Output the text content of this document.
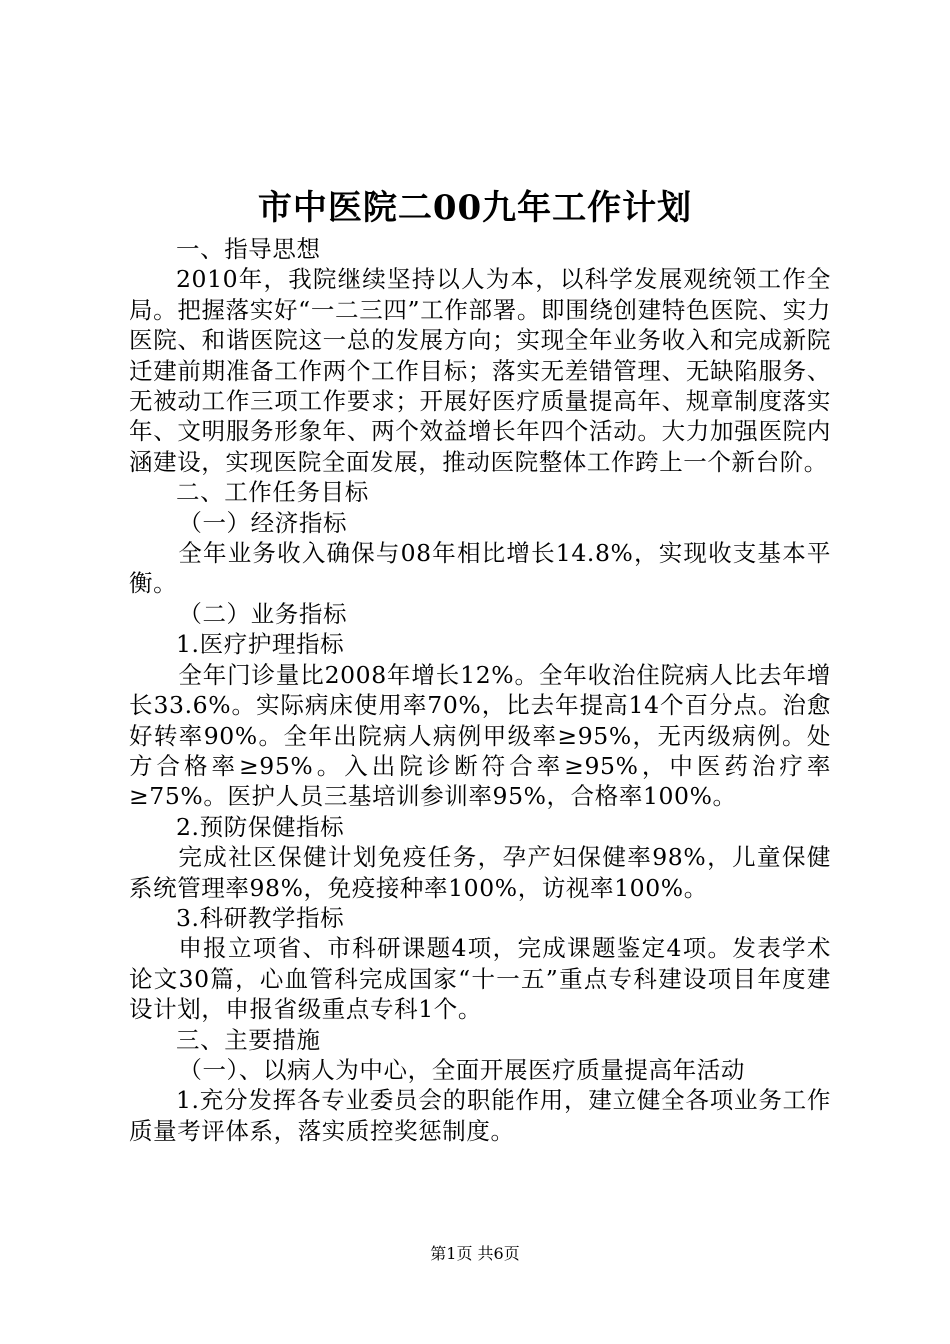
市中医院二00九年工作计划

一、指导思想

2010年，我院继续坚持以人为本，以科学发展观统领工作全局。把握落实好“一二三四”工作部署。即围绕创建特色医院、实力医院、和谐医院这一总的发展方向；实现全年业务收入和完成新院迁建前期准备工作两个工作目标；落实无差错管理、无缺陷服务、无被动工作三项工作要求；开展好医疗质量提高年、规章制度落实年、文明服务形象年、两个效益增长年四个活动。大力加强医院内涵建设，实现医院全面发展，推动医院整体工作跨上一个新台阶。

二、工作任务目标

（一）经济指标

全年业务收入确保与08年相比增长14.8%，实现收支基本平衡。

（二）业务指标

1.医疗护理指标

全年门诊量比2008年增长12%。全年收治住院病人比去年增长33.6%。实际病床使用率70%，比去年提高14个百分点。治愈好转率90%。全年出院病人病例甲级率≥95%，无丙级病例。处方合格率≥95%。入出院诊断符合率≥95%，中医药治疗率≥75%。医护人员三基培训参训率95%，合格率100%。

2.预防保健指标

完成社区保健计划免疫任务，孕产妇保健率98%，儿童保健系统管理率98%，免疫接种率100%，访视率100%。

3.科研教学指标

申报立项省、市科研课题4项，完成课题鉴定4项。发表学术论文30篇，心血管科完成国家“十一五”重点专科建设项目年度建设计划，申报省级重点专科1个。

三、主要措施

（一）、以病人为中心，全面开展医疗质量提高年活动

1.充分发挥各专业委员会的职能作用，建立健全各项业务工作质量考评体系，落实质控奖惩制度。

第1页 共6页
